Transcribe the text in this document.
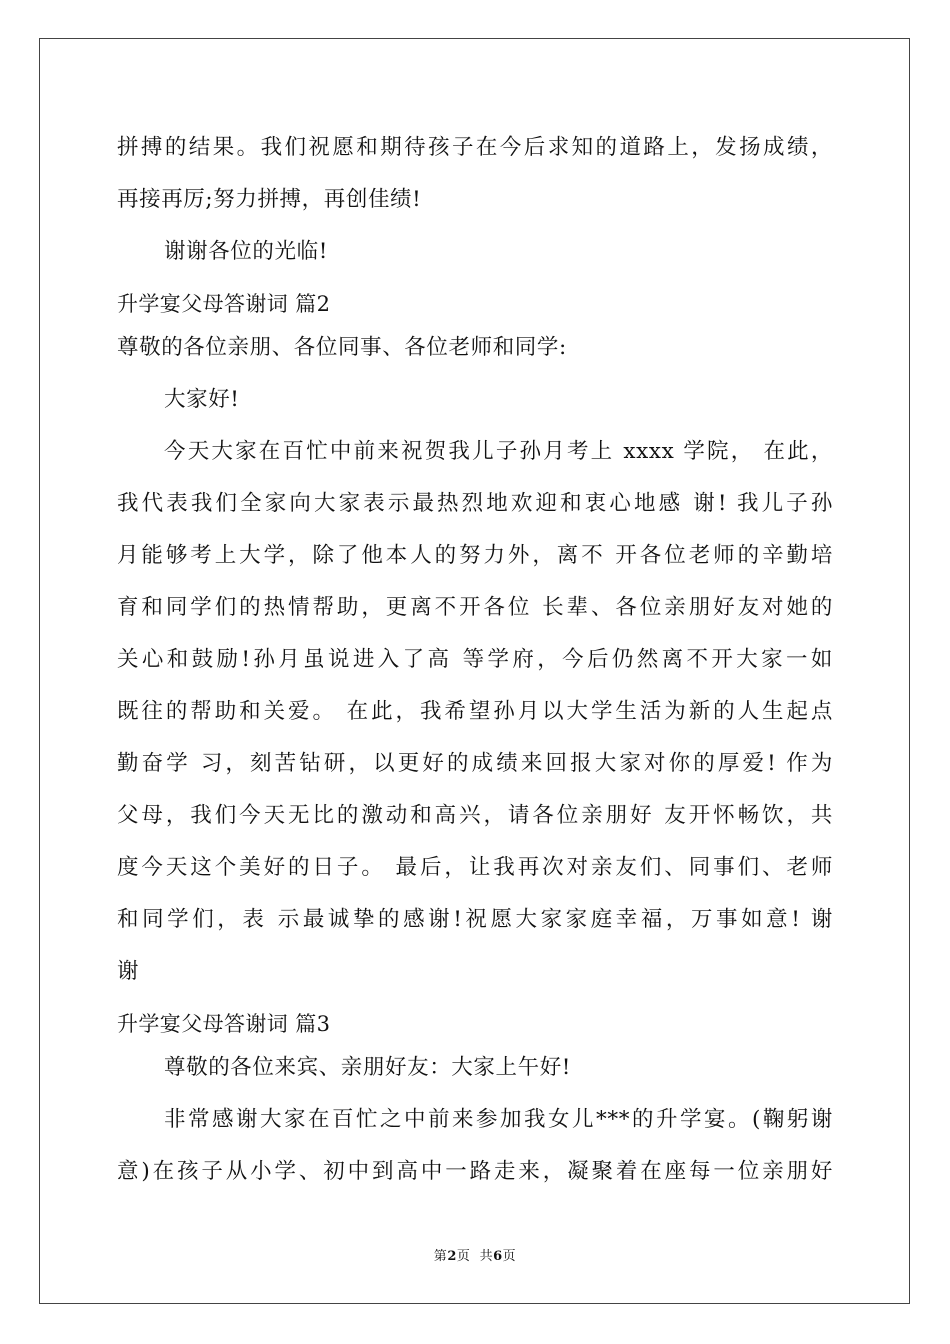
拼搏的结果。我们祝愿和期待孩子在今后求知的道路上，发扬成绩，
再接再厉;努力拼搏，再创佳绩!
谢谢各位的光临!
升学宴父母答谢词 篇2
尊敬的各位亲朋、各位同事、各位老师和同学:
大家好!
今天大家在百忙中前来祝贺我儿子孙月考上 xxxx 学院， 在此，
我代表我们全家向大家表示最热烈地欢迎和衷心地感 谢! 我儿子孙
月能够考上大学，除了他本人的努力外，离不 开各位老师的辛勤培
育和同学们的热情帮助，更离不开各位 长辈、各位亲朋好友对她的
关心和鼓励!孙月虽说进入了高 等学府，今后仍然离不开大家一如
既往的帮助和关爱。 在此，我希望孙月以大学生活为新的人生起点
勤奋学 习，刻苦钻研，以更好的成绩来回报大家对你的厚爱! 作为
父母，我们今天无比的激动和高兴，请各位亲朋好 友开怀畅饮，共
度今天这个美好的日子。 最后，让我再次对亲友们、同事们、老师
和同学们，表 示最诚挚的感谢!祝愿大家家庭幸福，万事如意! 谢
谢
升学宴父母答谢词 篇3
尊敬的各位来宾、亲朋好友：大家上午好!
非常感谢大家在百忙之中前来参加我女儿***的升学宴。(鞠躬谢
意)在孩子从小学、初中到高中一路走来，凝聚着在座每一位亲朋好
第2页  共6页
